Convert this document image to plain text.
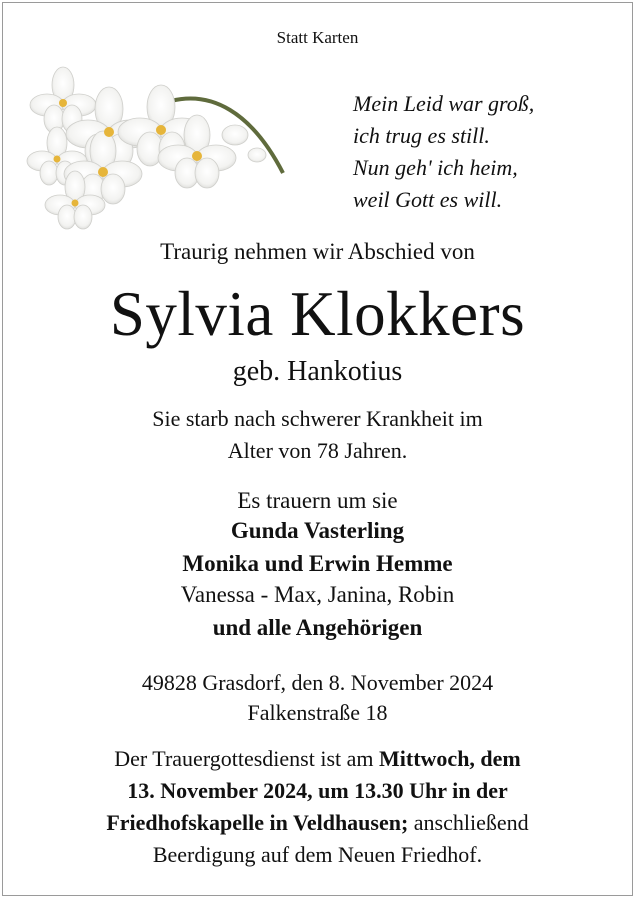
Statt Karten
Mein Leid war groß,
ich trug es still.
Nun geh' ich heim,
weil Gott es will.
Traurig nehmen wir Abschied von
Sylvia Klokkers
geb. Hankotius
Sie starb nach schwerer Krankheit im
Alter von 78 Jahren.
Es trauern um sie
Gunda Vasterling
Monika und Erwin Hemme
Vanessa - Max, Janina, Robin
und alle Angehörigen
49828 Grasdorf, den 8. November 2024
Falkenstraße 18
Der Trauergottesdienst ist am Mittwoch, dem
13. November 2024, um 13.30 Uhr in der
Friedhofskapelle in Veldhausen; anschließend
Beerdigung auf dem Neuen Friedhof.
